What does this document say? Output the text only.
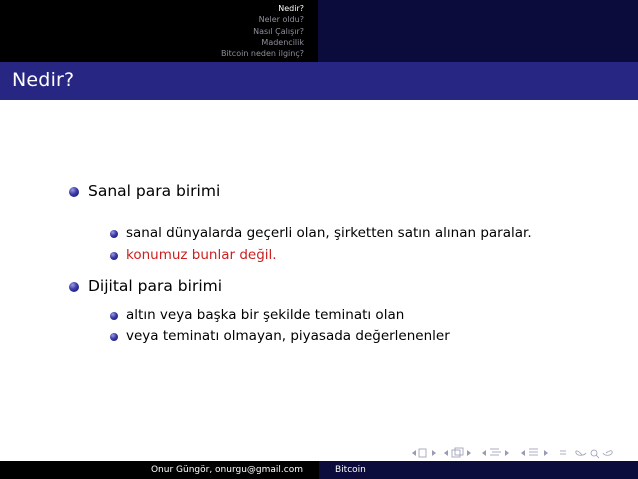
Nedir?
Neler oldu?
Nasıl Çalışır?
Madencilik
Bitcoin neden ilginç?
Nedir?
Sanal para birimi
sanal dünyalarda geçerli olan, şirketten satın alınan paralar.
konumuz bunlar değil.
Dijital para birimi
altın veya başka bir şekilde teminatı olan
veya teminatı olmayan, piyasada değerlenenler
Onur Güngör, onurgu@gmail.com	Bitcoin
